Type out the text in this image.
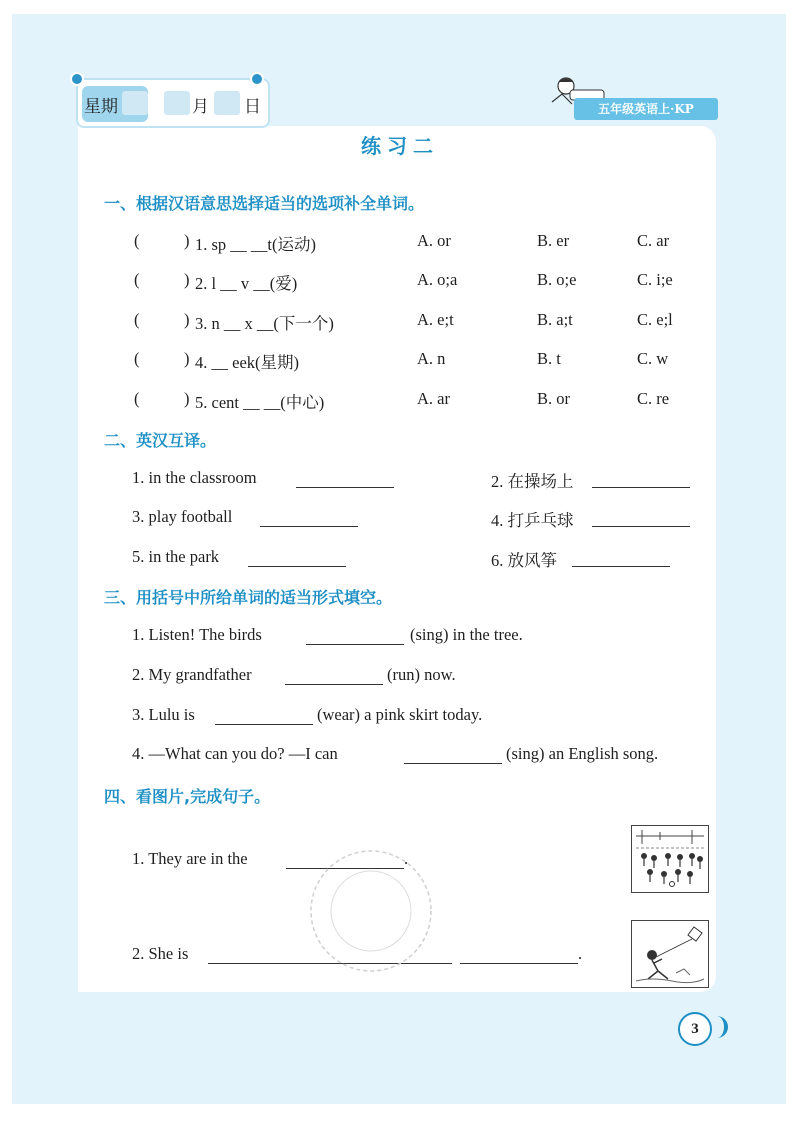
星期	月 日	五年级英语上·KP
练习二
一、根据汉语意思选择适当的选项补全单词。
(	) 1. sp __ __t(运动)	A. or	B. er	C. ar
(	) 2. l __ v __(爱)	A. o;a	B. o;e	C. i;e
(	) 3. n __ x __(下一个)	A. e;t	B. a;t	C. e;l
(	) 4. __ eek(星期)	A. n	B. t	C. w
(	) 5. cent __ __(中心)	A. ar	B. or	C. re
二、英汉互译。
1. in the classroom	2. 在操场上
3. play football	4. 打乒乓球
5. in the park	6. 放风筝
三、用括号中所给单词的适当形式填空。
1. Listen! The birds	(sing) in the tree.
2. My grandfather	(run) now.
3. Lulu is	(wear) a pink skirt today.
4. —What can you do? —I can	(sing) an English song.
四、看图片,完成句子。
1. They are in the	.
2. She is	.
3
